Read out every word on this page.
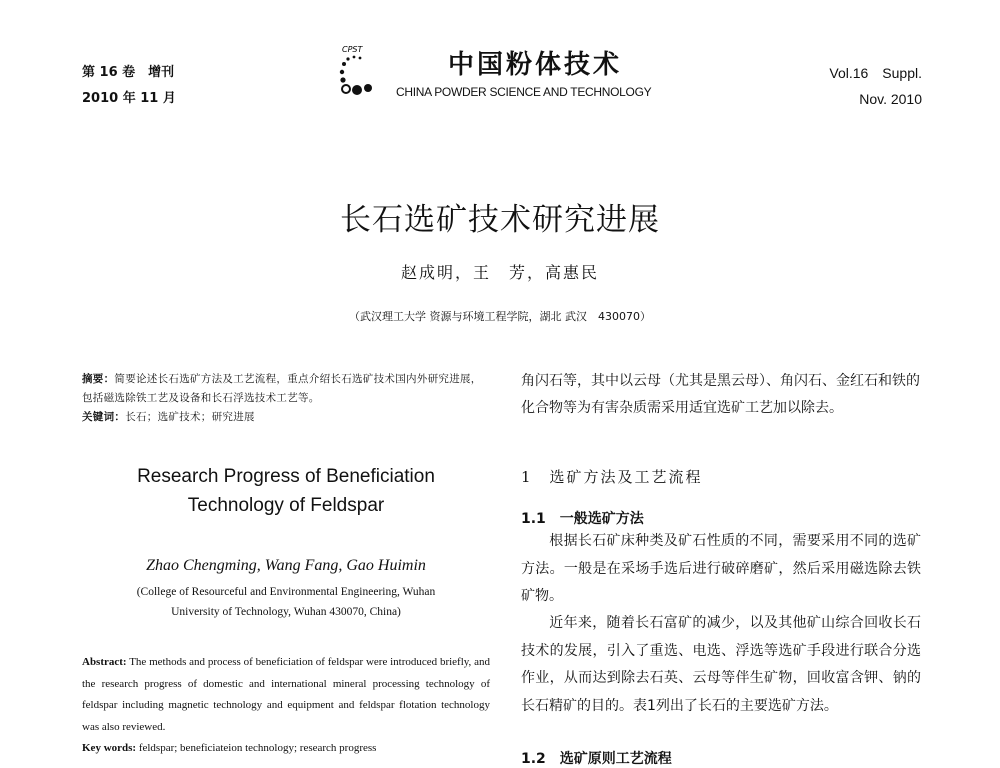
第 16 卷　增刊
2010 年 11 月
CPST
中国粉体技术
CHINA POWDER SCIENCE AND TECHNOLOGY
Vol.16　Suppl.
Nov. 2010
长石选矿技术研究进展
赵成明，王　芳，高惠民
（武汉理工大学 资源与环境工程学院，湖北 武汉　430070）
摘要：简要论述长石选矿方法及工艺流程，重点介绍长石选矿技术国内外研究进展，包括磁选除铁工艺及设备和长石浮选技术工艺等。
关键词：长石；选矿技术；研究进展
Research Progress of Beneficiation
Technology of Feldspar
Zhao Chengming, Wang Fang, Gao Huimin
(College of Resourceful and Environmental Engineering, Wuhan
University of Technology, Wuhan 430070, China)
Abstract: The methods and process of beneficiation of feldspar were introduced briefly, and the research progress of domestic and international mineral processing technology of feldspar including magnetic technology and equipment and feldspar flotation technology was also reviewed.
Key words: feldspar; beneficiateion technology; research progress

角闪石等，其中以云母（尤其是黑云母）、角闪石、金红石和铁的化合物等为有害杂质需采用适宜选矿工艺加以除去。

1　选矿方法及工艺流程
1.1　一般选矿方法
根据长石矿床种类及矿石性质的不同，需要采用不同的选矿方法。一般是在采场手选后进行破碎磨矿，然后采用磁选除去铁矿物。
近年来，随着长石富矿的减少，以及其他矿山综合回收长石技术的发展，引入了重选、电选、浮选等选矿手段进行联合分选作业，从而达到除去石英、云母等伴生矿物，回收富含钾、钠的长石精矿的目的。表1列出了长石的主要选矿方法。
1.2　选矿原则工艺流程
